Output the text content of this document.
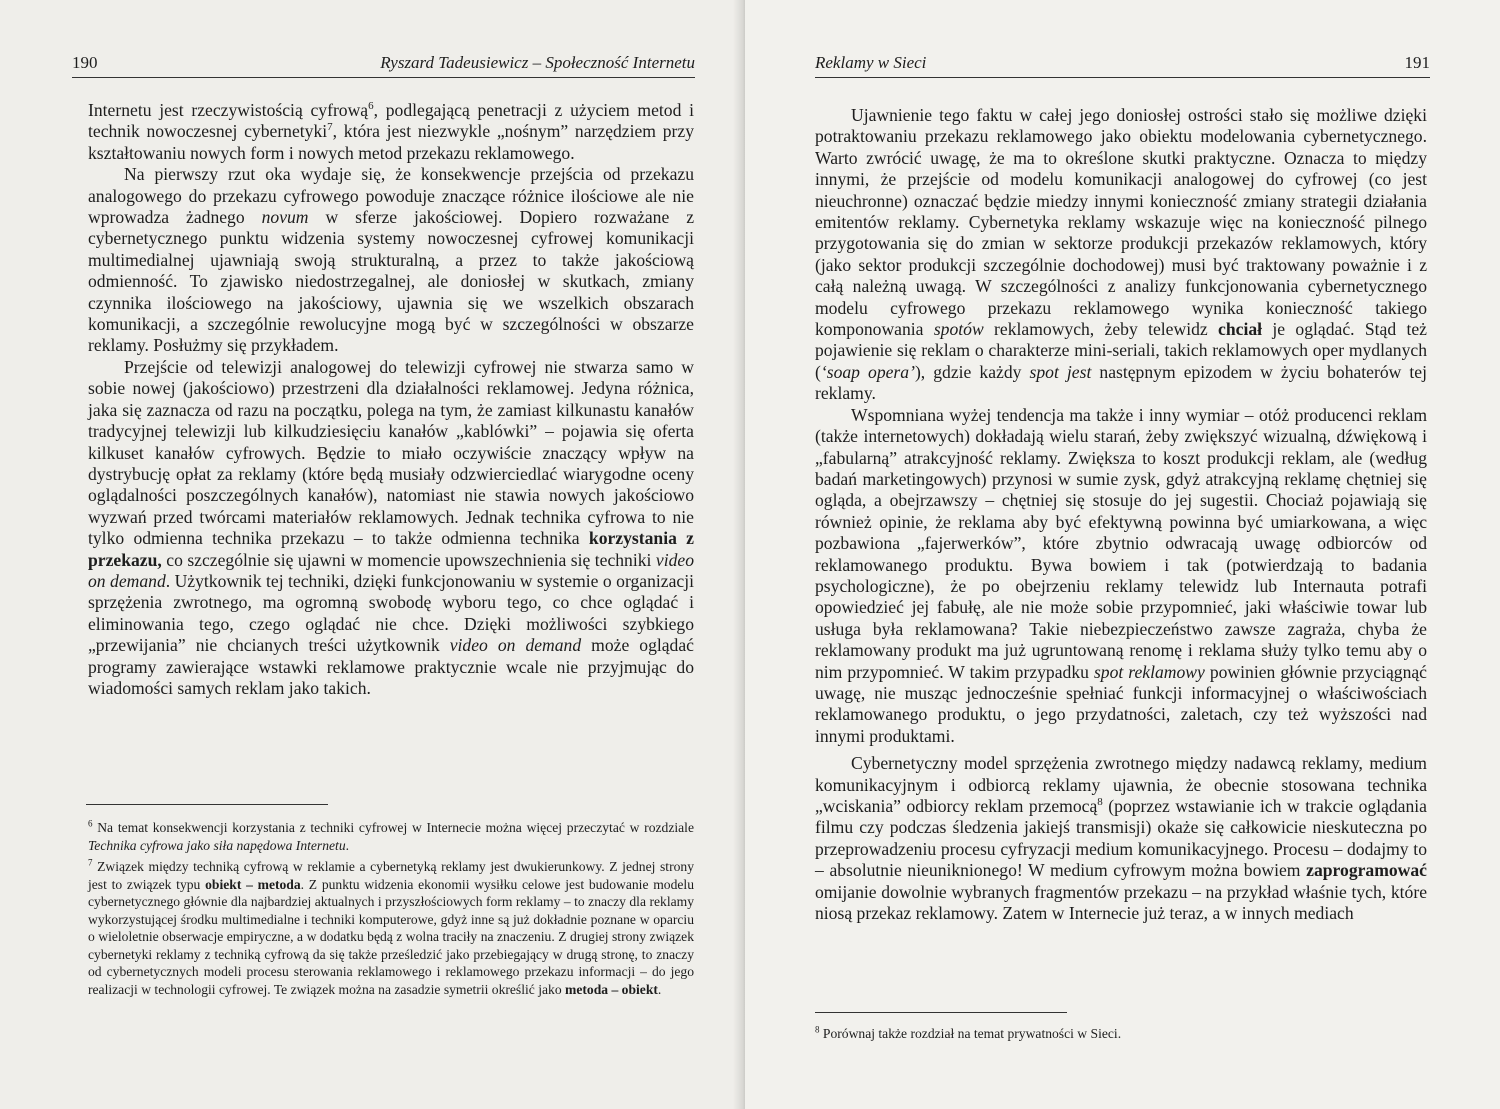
190	Ryszard Tadeusiewicz – Społeczność Internetu

Internetu jest rzeczywistością cyfrową$^6$, podlegającą penetracji z użyciem metod i technik nowoczesnej cybernetyki$^7$, która jest niezwykle „nośnym” narzędziem przy kształtowaniu nowych form i nowych metod przekazu reklamowego.

Na pierwszy rzut oka wydaje się, że konsekwencje przejścia od przekazu analogowego do przekazu cyfrowego powoduje znaczące różnice ilościowe ale nie wprowadza żadnego novum w sferze jakościowej. Dopiero rozważane z cybernetycznego punktu widzenia systemy nowoczesnej cyfrowej komunikacji multimedialnej ujawniają swoją strukturalną, a przez to także jakościową odmienność. To zjawisko niedostrzegalnej, ale doniosłej w skutkach, zmiany czynnika ilościowego na jakościowy, ujawnia się we wszelkich obszarach komunikacji, a szczególnie rewolucyjne mogą być w szczególności w obszarze reklamy. Posłużmy się przykładem.

Przejście od telewizji analogowej do telewizji cyfrowej nie stwarza samo w sobie nowej (jakościowo) przestrzeni dla działalności reklamowej. Jedyna różnica, jaka się zaznacza od razu na początku, polega na tym, że zamiast kilkunastu kanałów tradycyjnej telewizji lub kilkudziesięciu kanałów „kablówki” – pojawia się oferta kilkuset kanałów cyfrowych. Będzie to miało oczywiście znaczący wpływ na dystrybucję opłat za reklamy (które będą musiały odzwierciedlać wiarygodne oceny oglądalności poszczególnych kanałów), natomiast nie stawia nowych jakościowo wyzwań przed twórcami materiałów reklamowych. Jednak technika cyfrowa to nie tylko odmienna technika przekazu – to także odmienna technika korzystania z przekazu, co szczególnie się ujawni w momencie upowszechnienia się techniki video on demand. Użytkownik tej techniki, dzięki funkcjonowaniu w systemie o organizacji sprzężenia zwrotnego, ma ogromną swobodę wyboru tego, co chce oglądać i eliminowania tego, czego oglądać nie chce. Dzięki możliwości szybkiego „przewijania” nie chcianych treści użytkownik video on demand może oglądać programy zawierające wstawki reklamowe praktycznie wcale nie przyjmując do wiadomości samych reklam jako takich.

$^6$ Na temat konsekwencji korzystania z techniki cyfrowej w Internecie można więcej przeczytać w rozdziale Technika cyfrowa jako siła napędowa Internetu.

$^7$ Związek między techniką cyfrową w reklamie a cybernetyką reklamy jest dwukierunkowy. Z jednej strony jest to związek typu obiekt – metoda. Z punktu widzenia ekonomii wysiłku celowe jest budowanie modelu cybernetycznego głównie dla najbardziej aktualnych i przyszłościowych form reklamy – to znaczy dla reklamy wykorzystującej środku multimedialne i techniki komputerowe, gdyż inne są już dokładnie poznane w oparciu o wieloletnie obserwacje empiryczne, a w dodatku będą z wolna traciły na znaczeniu. Z drugiej strony związek cybernetyki reklamy z techniką cyfrową da się także prześledzić jako przebiegający w drugą stronę, to znaczy od cybernetycznych modeli procesu sterowania reklamowego i reklamowego przekazu informacji – do jego realizacji w technologii cyfrowej. Te związek można na zasadzie symetrii określić jako metoda – obiekt.

Reklamy w Sieci	191

Ujawnienie tego faktu w całej jego doniosłej ostrości stało się możliwe dzięki potraktowaniu przekazu reklamowego jako obiektu modelowania cybernetycznego. Warto zwrócić uwagę, że ma to określone skutki praktyczne. Oznacza to między innymi, że przejście od modelu komunikacji analogowej do cyfrowej (co jest nieuchronne) oznaczać będzie miedzy innymi konieczność zmiany strategii działania emitentów reklamy. Cybernetyka reklamy wskazuje więc na konieczność pilnego przygotowania się do zmian w sektorze produkcji przekazów reklamowych, który (jako sektor produkcji szczególnie dochodowej) musi być traktowany poważnie i z całą należną uwagą. W szczególności z analizy funkcjonowania cybernetycznego modelu cyfrowego przekazu reklamowego wynika konieczność takiego komponowania spotów reklamowych, żeby telewidz chciał je oglądać. Stąd też pojawienie się reklam o charakterze mini-seriali, takich reklamowych oper mydlanych (‘soap opera’), gdzie każdy spot jest następnym epizodem w życiu bohaterów tej reklamy.

Wspomniana wyżej tendencja ma także i inny wymiar – otóż producenci reklam (także internetowych) dokładają wielu starań, żeby zwiększyć wizualną, dźwiękową i „fabularną” atrakcyjność reklamy. Zwiększa to koszt produkcji reklam, ale (według badań marketingowych) przynosi w sumie zysk, gdyż atrakcyjną reklamę chętniej się ogląda, a obejrzawszy – chętniej się stosuje do jej sugestii. Chociaż pojawiają się również opinie, że reklama aby być efektywną powinna być umiarkowana, a więc pozbawiona „fajerwerków”, które zbytnio odwracają uwagę odbiorców od reklamowanego produktu. Bywa bowiem i tak (potwierdzają to badania psychologiczne), że po obejrzeniu reklamy telewidz lub Internauta potrafi opowiedzieć jej fabułę, ale nie może sobie przypomnieć, jaki właściwie towar lub usługa była reklamowana? Takie niebezpieczeństwo zawsze zagraża, chyba że reklamowany produkt ma już ugruntowaną renomę i reklama służy tylko temu aby o nim przypomnieć. W takim przypadku spot reklamowy powinien głównie przyciągnąć uwagę, nie musząc jednocześnie spełniać funkcji informacyjnej o właściwościach reklamowanego produktu, o jego przydatności, zaletach, czy też wyższości nad innymi produktami.

Cybernetyczny model sprzężenia zwrotnego między nadawcą reklamy, medium komunikacyjnym i odbiorcą reklamy ujawnia, że obecnie stosowana technika „wciskania” odbiorcy reklam przemocą$^8$ (poprzez wstawianie ich w trakcie oglądania filmu czy podczas śledzenia jakiejś transmisji) okaże się całkowicie nieskuteczna po przeprowadzeniu procesu cyfryzacji medium komunikacyjnego. Procesu – dodajmy to – absolutnie nieuniknionego! W medium cyfrowym można bowiem zaprogramować omijanie dowolnie wybranych fragmentów przekazu – na przykład właśnie tych, które niosą przekaz reklamowy. Zatem w Internecie już teraz, a w innych mediach

$^8$ Porównaj także rozdział na temat prywatności w Sieci.
